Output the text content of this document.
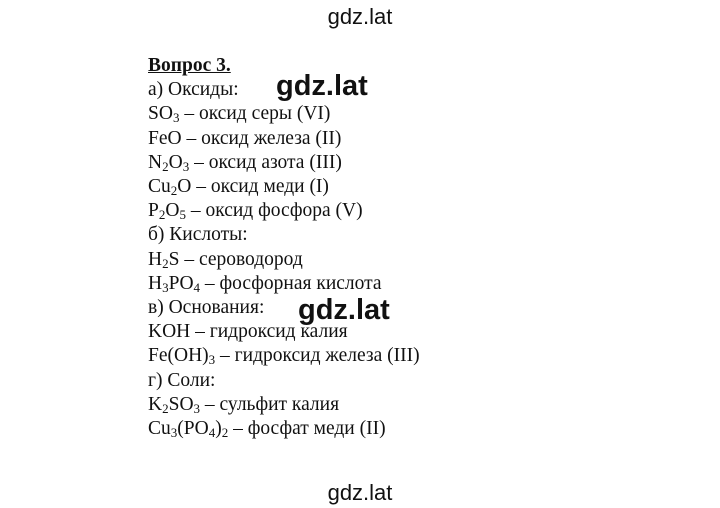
gdz.lat
Вопрос 3.
а) Оксиды:
$SO_3$ – оксид серы (VI)
FeO – оксид железа (II)
$N_2O_3$ – оксид азота (III)
$Cu_2O$ – оксид меди (I)
$P_2O_5$ – оксид фосфора (V)
б) Кислоты:
$H_2S$ – сероводород
$H_3PO_4$ – фосфорная кислота
в) Основания:
KOH – гидроксид калия
$Fe(OH)_3$ – гидроксид железа (III)
г) Соли:
$K_2SO_3$ – сульфит калия
$Cu_3(PO_4)_2$ – фосфат меди (II)
gdz.lat
gdz.lat
gdz.lat
